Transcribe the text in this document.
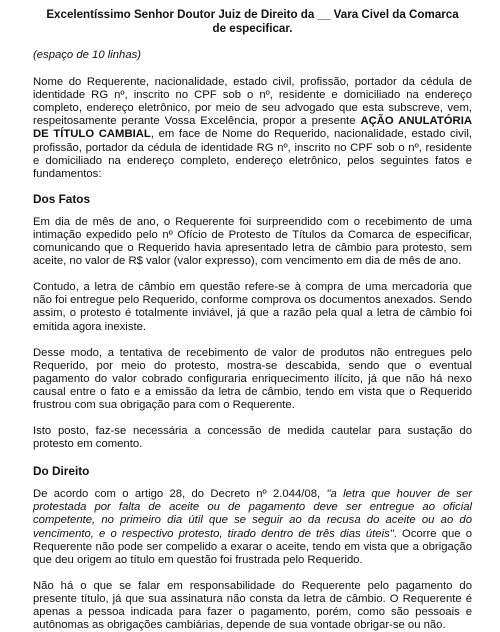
Excelentíssimo Senhor Doutor Juiz de Direito da __ Vara Civel da Comarca
de especificar.
(espaço de 10 linhas)

Nome do Requerente, nacionalidade, estado civil, profissão, portador da cédula de identidade RG nº, inscrito no CPF sob o nº, residente e domiciliado na endereço completo, endereço eletrônico, por meio de seu advogado que esta subscreve, vem, respeitosamente perante Vossa Excelência, propor a presente AÇÃO ANULATÓRIA DE TÍTULO CAMBIAL, em face de Nome do Requerido, nacionalidade, estado civil, profissão, portador da cédula de identidade RG nº, inscrito no CPF sob o nº, residente e domiciliado na endereço completo, endereço eletrônico, pelos seguintes fatos e fundamentos:

Dos Fatos

Em dia de mês de ano, o Requerente foi surpreendido com o recebimento de uma intimação expedido pelo nº Ofício de Protesto de Títulos da Comarca de especificar, comunicando que o Requerido havia apresentado letra de câmbio para protesto, sem aceite, no valor de R$ valor (valor expresso), com vencimento em dia de mês de ano.

Contudo, a letra de câmbio em questão refere-se à compra de uma mercadoria que não foi entregue pelo Requerido, conforme comprova os documentos anexados. Sendo assim, o protesto é totalmente inviável, já que a razão pela qual a letra de câmbio foi emitida agora inexiste.

Desse modo, a tentativa de recebimento de valor de produtos não entregues pelo Requerido, por meio do protesto, mostra-se descabida, sendo que o eventual pagamento do valor cobrado configuraria enriquecimento ilícito, já que não há nexo causal entre o fato e a emissão da letra de câmbio, tendo em vista que o Requerido frustrou com sua obrigação para com o Requerente.

Isto posto, faz-se necessária a concessão de medida cautelar para sustação do protesto em comento.

Do Direito

De acordo com o artigo 28, do Decreto nº 2.044/08, "a letra que houver de ser protestada por falta de aceite ou de pagamento deve ser entregue ao oficial competente, no primeiro dia útil que se seguir ao da recusa do aceite ou ao do vencimento, e o respectivo protesto, tirado dentro de três dias úteis". Ocorre que o Requerente não pode ser compelido a exarar o aceite, tendo em vista que a obrigação que deu origem ao título em questão foi frustrada pelo Requerido.

Não há o que se falar em responsabilidade do Requerente pelo pagamento do presente título, já que sua assinatura não consta da letra de câmbio. O Requerente é apenas a pessoa indicada para fazer o pagamento, porém, como são pessoais e autônomas as obrigações cambiárias, depende de sua vontade obrigar-se ou não.
